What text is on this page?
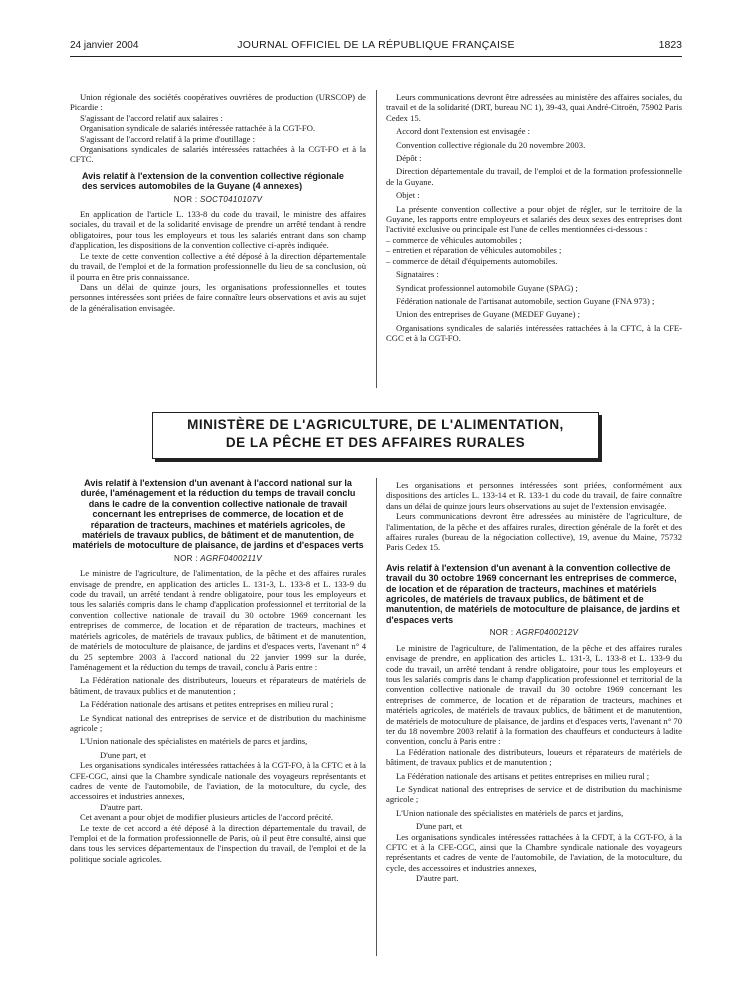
24 janvier 2004	JOURNAL OFFICIEL DE LA RÉPUBLIQUE FRANÇAISE	1823

Union régionale des sociétés coopératives ouvrières de production (URSCOP) de Picardie :

S'agissant de l'accord relatif aux salaires :

Organisation syndicale de salariés intéressée rattachée à la CGT-FO.

S'agissant de l'accord relatif à la prime d'outillage :

Organisations syndicales de salariés intéressées rattachées à la CGT-FO et à la CFTC.

Avis relatif à l'extension de la convention collective régionale des services automobiles de la Guyane (4 annexes)
NOR : SOCT0410107V

En application de l'article L. 133-8 du code du travail, le ministre des affaires sociales, du travail et de la solidarité envisage de prendre un arrêté tendant à rendre obligatoires, pour tous les employeurs et tous les salariés entrant dans son champ d'application, les dispositions de la convention collective ci-après indiquée.

Le texte de cette convention collective a été déposé à la direction départementale du travail, de l'emploi et de la formation professionnelle du lieu de sa conclusion, où il pourra en être pris connaissance.

Dans un délai de quinze jours, les organisations professionnelles et toutes personnes intéressées sont priées de faire connaître leurs observations et avis au sujet de la généralisation envisagée.

Leurs communications devront être adressées au ministère des affaires sociales, du travail et de la solidarité (DRT, bureau NC 1), 39-43, quai André-Citroën, 75902 Paris Cedex 15.

Accord dont l'extension est envisagée :

Convention collective régionale du 20 novembre 2003.

Dépôt :

Direction départementale du travail, de l'emploi et de la formation professionnelle de la Guyane.

Objet :

La présente convention collective a pour objet de régler, sur le territoire de la Guyane, les rapports entre employeurs et salariés des deux sexes des entreprises dont l'activité exclusive ou principale est l'une de celles mentionnées ci-dessous :

– commerce de véhicules automobiles ;

– entretien et réparation de véhicules automobiles ;

– commerce de détail d'équipements automobiles.

Signataires :

Syndicat professionnel automobile Guyane (SPAG) ;

Fédération nationale de l'artisanat automobile, section Guyane (FNA 973) ;

Union des entreprises de Guyane (MEDEF Guyane) ;

Organisations syndicales de salariés intéressées rattachées à la CFTC, à la CFE-CGC et à la CGT-FO.

MINISTÈRE DE L'AGRICULTURE, DE L'ALIMENTATION,
DE LA PÊCHE ET DES AFFAIRES RURALES
Avis relatif à l'extension d'un avenant à l'accord national sur la durée, l'aménagement et la réduction du temps de travail conclu dans le cadre de la convention collective nationale de travail concernant les entreprises de commerce, de location et de réparation de tracteurs, machines et matériels agricoles, de matériels de travaux publics, de bâtiment et de manutention, de matériels de motoculture de plaisance, de jardins et d'espaces verts
NOR : AGRF0400211V

Le ministre de l'agriculture, de l'alimentation, de la pêche et des affaires rurales envisage de prendre, en application des articles L. 131-3, L. 133-8 et L. 133-9 du code du travail, un arrêté tendant à rendre obligatoire, pour tous les employeurs et tous les salariés compris dans le champ d'application professionnel et territorial de la convention collective nationale de travail du 30 octobre 1969 concernant les entreprises de commerce, de location et de réparation de tracteurs, machines et matériels agricoles, de matériels de travaux publics, de bâtiment et de manutention, de matériels de motoculture de plaisance, de jardins et d'espaces verts, l'avenant n° 4 du 25 septembre 2003 à l'accord national du 22 janvier 1999 sur la durée, l'aménagement et la réduction du temps de travail, conclu à Paris entre :

La Fédération nationale des distributeurs, loueurs et réparateurs de matériels de bâtiment, de travaux publics et de manutention ;

La Fédération nationale des artisans et petites entreprises en milieu rural ;

Le Syndicat national des entreprises de service et de distribution du machinisme agricole ;

L'Union nationale des spécialistes en matériels de parcs et jardins,

D'une part, et

Les organisations syndicales intéressées rattachées à la CGT-FO, à la CFTC et à la CFE-CGC, ainsi que la Chambre syndicale nationale des voyageurs représentants et cadres de vente de l'automobile, de l'aviation, de la motoculture, du cycle, des accessoires et industries annexes,

D'autre part.

Cet avenant a pour objet de modifier plusieurs articles de l'accord précité.

Le texte de cet accord a été déposé à la direction départementale du travail, de l'emploi et de la formation professionnelle de Paris, où il peut être consulté, ainsi que dans tous les services départementaux de l'inspection du travail, de l'emploi et de la politique sociale agricoles.

Les organisations et personnes intéressées sont priées, conformément aux dispositions des articles L. 133-14 et R. 133-1 du code du travail, de faire connaître dans un délai de quinze jours leurs observations au sujet de l'extension envisagée.

Leurs communications devront être adressées au ministère de l'agriculture, de l'alimentation, de la pêche et des affaires rurales, direction générale de la forêt et des affaires rurales (bureau de la négociation collective), 19, avenue du Maine, 75732 Paris Cedex 15.

Avis relatif à l'extension d'un avenant à la convention collective de travail du 30 octobre 1969 concernant les entreprises de commerce, de location et de réparation de tracteurs, machines et matériels agricoles, de matériels de travaux publics, de bâtiment et de manutention, de matériels de motoculture de plaisance, de jardins et d'espaces verts
NOR : AGRF0400212V

Le ministre de l'agriculture, de l'alimentation, de la pêche et des affaires rurales envisage de prendre, en application des articles L. 131-3, L. 133-8 et L. 133-9 du code du travail, un arrêté tendant à rendre obligatoire, pour tous les employeurs et tous les salariés compris dans le champ d'application professionnel et territorial de la convention collective nationale de travail du 30 octobre 1969 concernant les entreprises de commerce, de location et de réparation de tracteurs, machines et matériels agricoles, de matériels de travaux publics, de bâtiment et de manutention, de matériels de motoculture de plaisance, de jardins et d'espaces verts, l'avenant n° 70 ter du 18 novembre 2003 relatif à la formation des chauffeurs et conducteurs à ladite convention, conclu à Paris entre :

La Fédération nationale des distributeurs, loueurs et réparateurs de matériels de bâtiment, de travaux publics et de manutention ;

La Fédération nationale des artisans et petites entreprises en milieu rural ;

Le Syndicat national des entreprises de service et de distribution du machinisme agricole ;

L'Union nationale des spécialistes en matériels de parcs et jardins,

D'une part, et

Les organisations syndicales intéressées rattachées à la CFDT, à la CGT-FO, à la CFTC et à la CFE-CGC, ainsi que la Chambre syndicale nationale des voyageurs représentants et cadres de vente de l'automobile, de l'aviation, de la motoculture, du cycle, des accessoires et industries annexes,

D'autre part.
